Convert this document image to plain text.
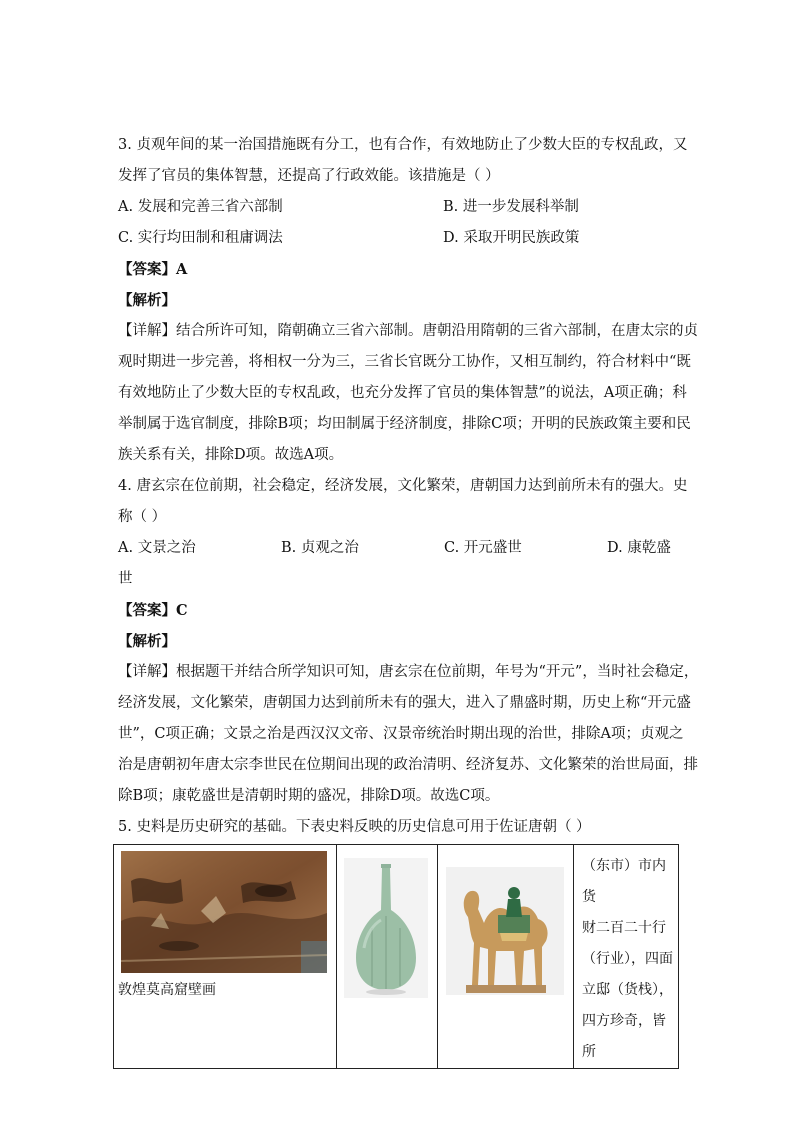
3. 贞观年间的某一治国措施既有分工，也有合作，有效地防止了少数大臣的专权乱政，又
发挥了官员的集体智慧，还提高了行政效能。该措施是（ ）
A. 发展和完善三省六部制	B. 进一步发展科举制
C. 实行均田制和租庸调法	D. 采取开明民族政策
【答案】A
【解析】
【详解】结合所许可知，隋朝确立三省六部制。唐朝沿用隋朝的三省六部制，在唐太宗的贞
观时期进一步完善，将相权一分为三，三省长官既分工协作，又相互制约，符合材料中“既
有效地防止了少数大臣的专权乱政，也充分发挥了官员的集体智慧”的说法，A项正确；科
举制属于选官制度，排除B项；均田制属于经济制度，排除C项；开明的民族政策主要和民
族关系有关，排除D项。故选A项。
4. 唐玄宗在位前期，社会稳定，经济发展，文化繁荣，唐朝国力达到前所未有的强大。史
称（ ）
A. 文景之治	B. 贞观之治	C. 开元盛世	D. 康乾盛
世
【答案】C
【解析】
【详解】根据题干并结合所学知识可知，唐玄宗在位前期，年号为“开元”，当时社会稳定，
经济发展，文化繁荣，唐朝国力达到前所未有的强大，进入了鼎盛时期，历史上称“开元盛
世”，C项正确；文景之治是西汉汉文帝、汉景帝统治时期出现的治世，排除A项；贞观之
治是唐朝初年唐太宗李世民在位期间出现的政治清明、经济复苏、文化繁荣的治世局面，排
除B项；康乾盛世是清朝时期的盛况，排除D项。故选C项。
5. 史料是历史研究的基础。下表史料反映的历史信息可用于佐证唐朝（ ）
敦煌莫高窟壁画

（东市）市内货
财二百二十行
（行业），四面
立邸（货栈），
四方珍奇，皆所
